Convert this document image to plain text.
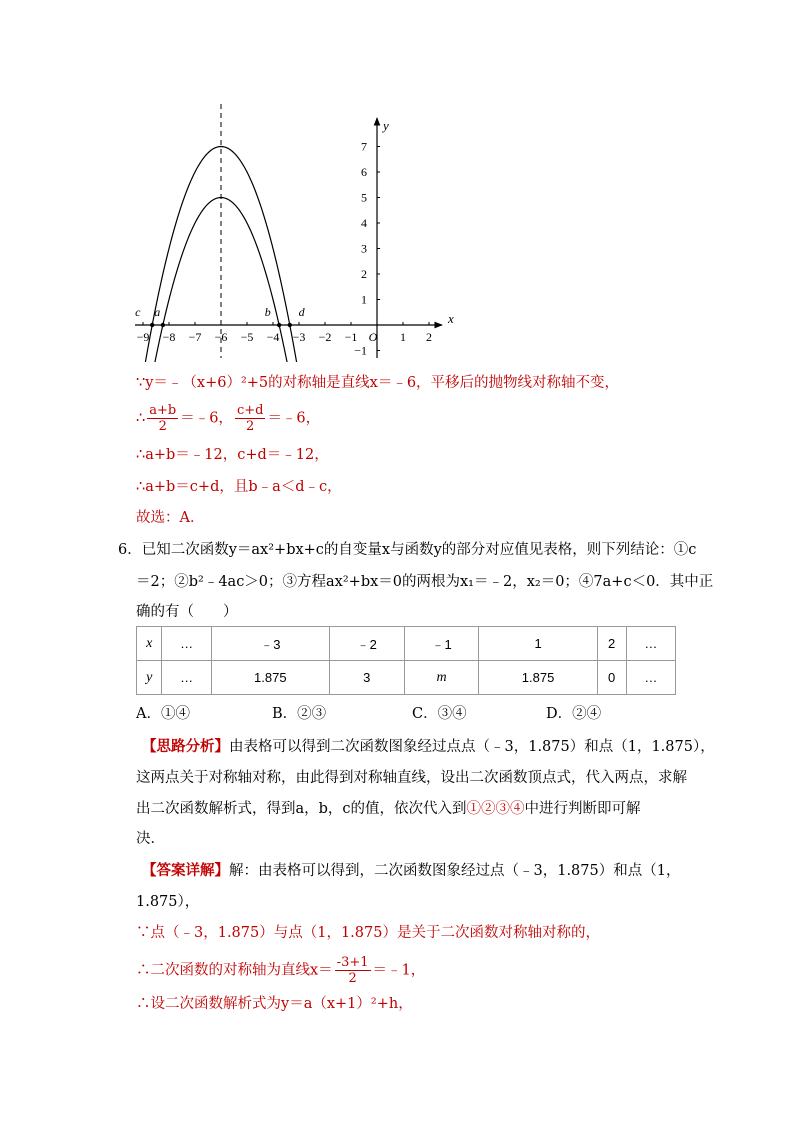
−9 −8 −7 −6 −5 −4 −3 −2 −1	1 2
7
6
5
4
3
2
1
−1
x
y
O
c a	b d
∵y＝﹣（x+6）²+5的对称轴是直线x＝﹣6，平移后的抛物线对称轴不变，
∴ $\frac{a+b}{2}$ ＝﹣6， $\frac{c+d}{2}$ ＝﹣6，
∴a+b＝﹣12，c+d＝﹣12，
∴a+b＝c+d，且b﹣a＜d﹣c，
故选：A．
6．已知二次函数y＝ax²+bx+c的自变量x与函数y的部分对应值见表格，则下列结论：①c
＝2；②b²﹣4ac＞0；③方程ax²+bx＝0的两根为x₁＝﹣2，x₂＝0；④7a+c＜0．其中正
确的有（　　）
x	…	﹣3	﹣2	﹣1	1	2	…
y	…	1.875	3	m	1.875	0	…
A．①④	B．②③	C．③④	D．②④
【思路分析】由表格可以得到二次函数图象经过点点（﹣3，1.875）和点（1，1.875），
这两点关于对称轴对称，由此得到对称轴直线，设出二次函数顶点式，代入两点，求解
出二次函数解析式，得到a，b，c的值，依次代入到①②③④中进行判断即可解
决．
【答案详解】解：由表格可以得到，二次函数图象经过点（﹣3，1.875）和点（1，
1.875），
∵点（﹣3，1.875）与点（1，1.875）是关于二次函数对称轴对称的，
∴二次函数的对称轴为直线$x= \frac{-3+1}{2}$ ＝﹣1，
∴设二次函数解析式为y＝a（x+1）²+h，
